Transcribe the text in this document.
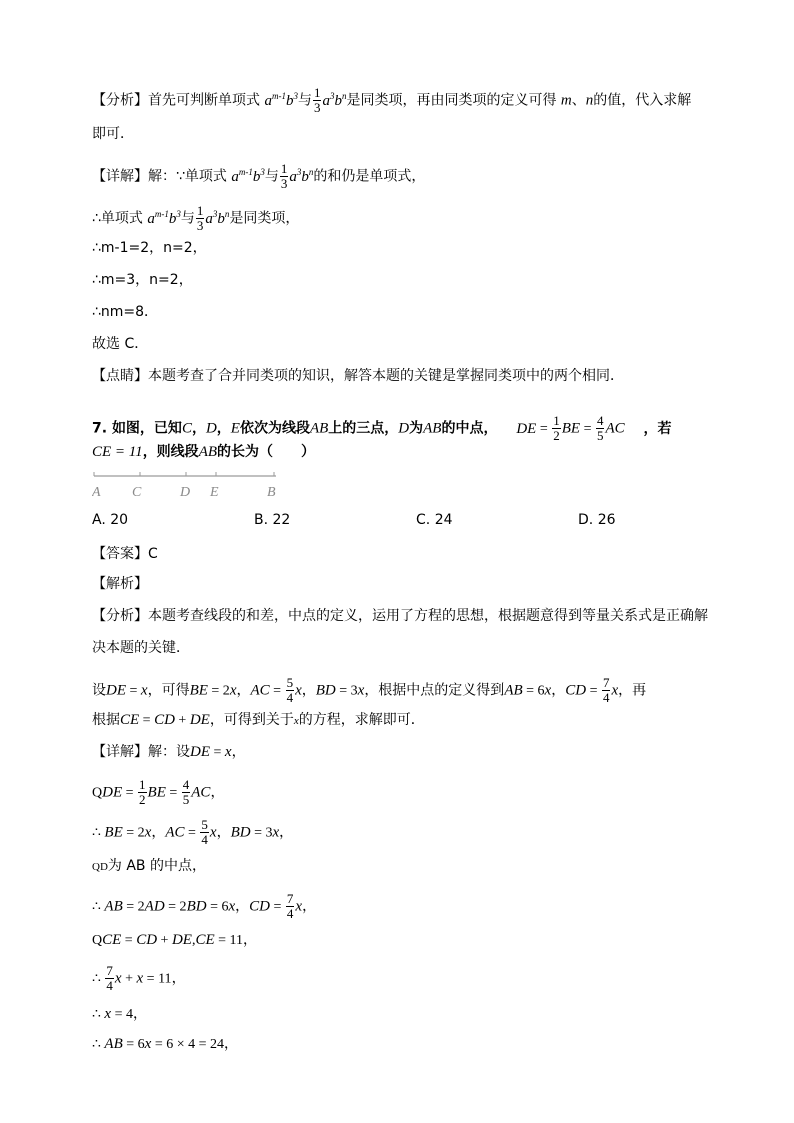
【分析】首先可判断单项式 $a^{m-1}b^3$与 $\frac{1}{3} a^3b^n$是同类项，再由同类项的定义可得 m、n的值，代入求解
即可．
【详解】解：∵单项式 $a^{m-1}b^3$与 $\frac{1}{3} a^3b^n$的和仍是单项式，
∴单项式 $a^{m-1}b^3$与 $\frac{1}{3} a^3b^n$是同类项，
∴m-1=2，n=2，
∴m=3，n=2，
∴nm=8．
故选 C．
【点睛】本题考查了合并同类项的知识，解答本题的关键是掌握同类项中的两个相同．
7. 如图，已知C，D，E依次为线段AB上的三点，D为AB的中点， DE = $\frac{1}{2}$ BE = $\frac{4}{5}$ AC ，若
CE = 11，则线段AB的长为（　　）
A C	D E	B
A. 20	B. 22	C. 24	D. 26
【答案】C
【解析】
【分析】本题考查线段的和差，中点的定义，运用了方程的思想，根据题意得到等量关系式是正确解
决本题的关键．
设DE = x，可得BE = 2x，AC = $\frac{5}{4}$ x，BD = 3x，根据中点的定义得到AB = 6x，CD = $\frac{7}{4}$ x，再
根据CE = CD + DE，可得到关于x的方程，求解即可．
【详解】解：设DE = x，
QDE = $\frac{1}{2}$ BE = $\frac{4}{5}$ AC，
∴ BE = 2x，AC = $\frac{5}{4}$ x，BD = 3x，
QD为 AB 的中点，
∴ AB = 2AD = 2BD = 6x，CD = $\frac{7}{4}$ x，
QCE = CD + DE,CE = 11，
∴ $\frac{7}{4}$ x + x = 11，
∴ x = 4，
∴ AB = 6x = 6 × 4 = 24，
